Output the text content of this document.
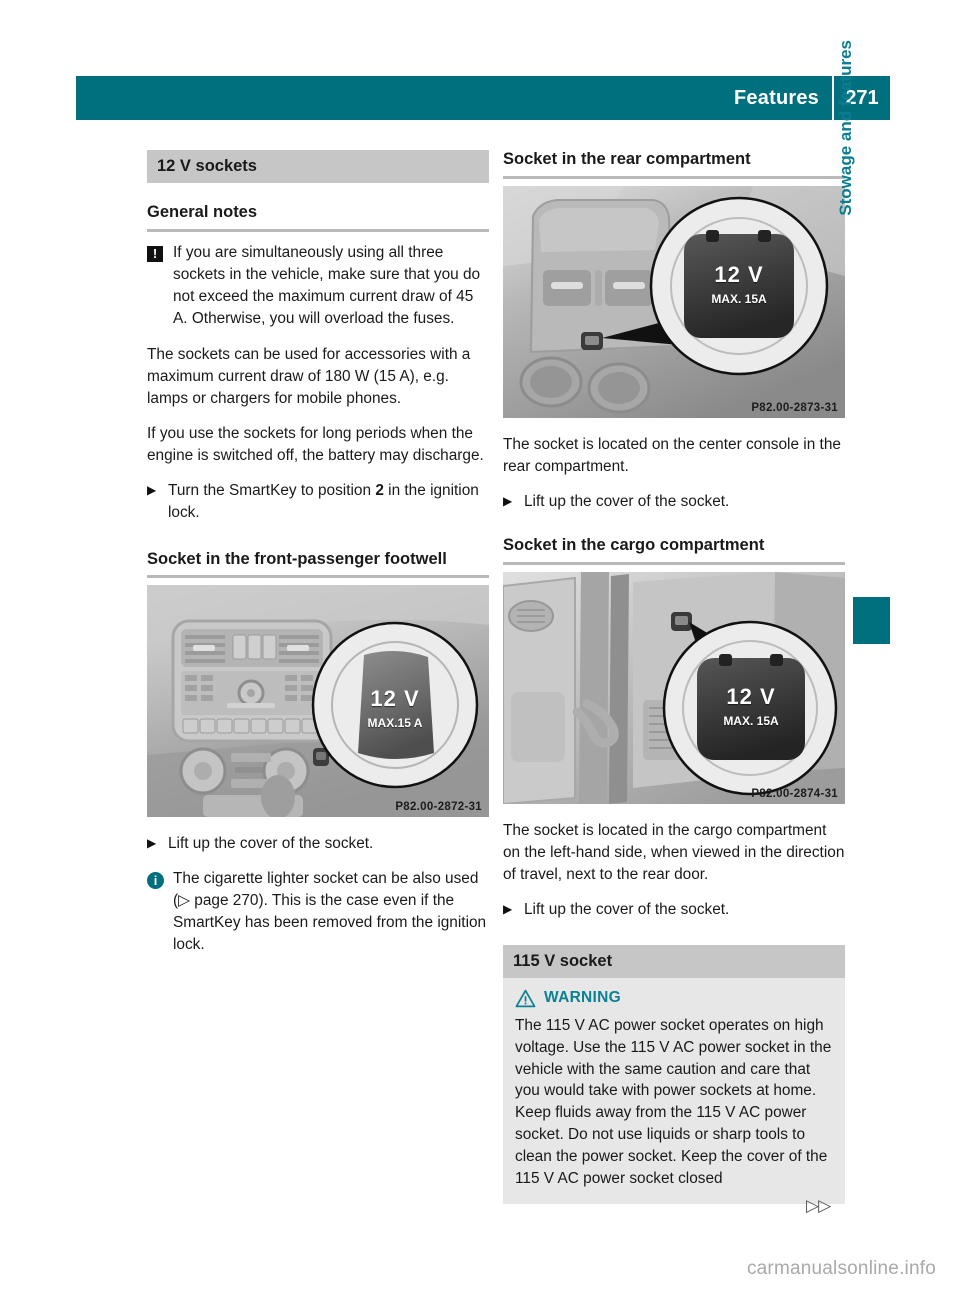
Features	271
12 V sockets
General notes
!	If you are simultaneously using all three sockets in the vehicle, make sure that you do not exceed the maximum current draw of 45 A. Otherwise, you will overload the fuses.

The sockets can be used for accessories with a maximum current draw of 180 W (15 A), e.g. lamps or chargers for mobile phones.

If you use the sockets for long periods when the engine is switched off, the battery may discharge.

▶ Turn the SmartKey to position 2 in the ignition lock.
Socket in the front-passenger footwell
12 V
MAX.15 A
P82.00-2872-31
▶ Lift up the cover of the socket.
i	The cigarette lighter socket can be also used (▷ page 270). This is the case even if the SmartKey has been removed from the ignition lock.
Socket in the rear compartment
12 V
MAX. 15A
P82.00-2873-31

The socket is located on the center console in the rear compartment.

▶ Lift up the cover of the socket.
Socket in the cargo compartment
12 V
MAX. 15A
P82.00-2874-31

The socket is located in the cargo compartment on the left-hand side, when viewed in the direction of travel, next to the rear door.

▶ Lift up the cover of the socket.
115 V socket
WARNING

The 115 V AC power socket operates on high voltage. Use the 115 V AC power socket in the vehicle with the same caution and care that you would take with power sockets at home. Keep fluids away from the 115 V AC power socket. Do not use liquids or sharp tools to clean the power socket. Keep the cover of the 115 V AC power socket closed

Stowage and features
▷▷
carmanualsonline.info
